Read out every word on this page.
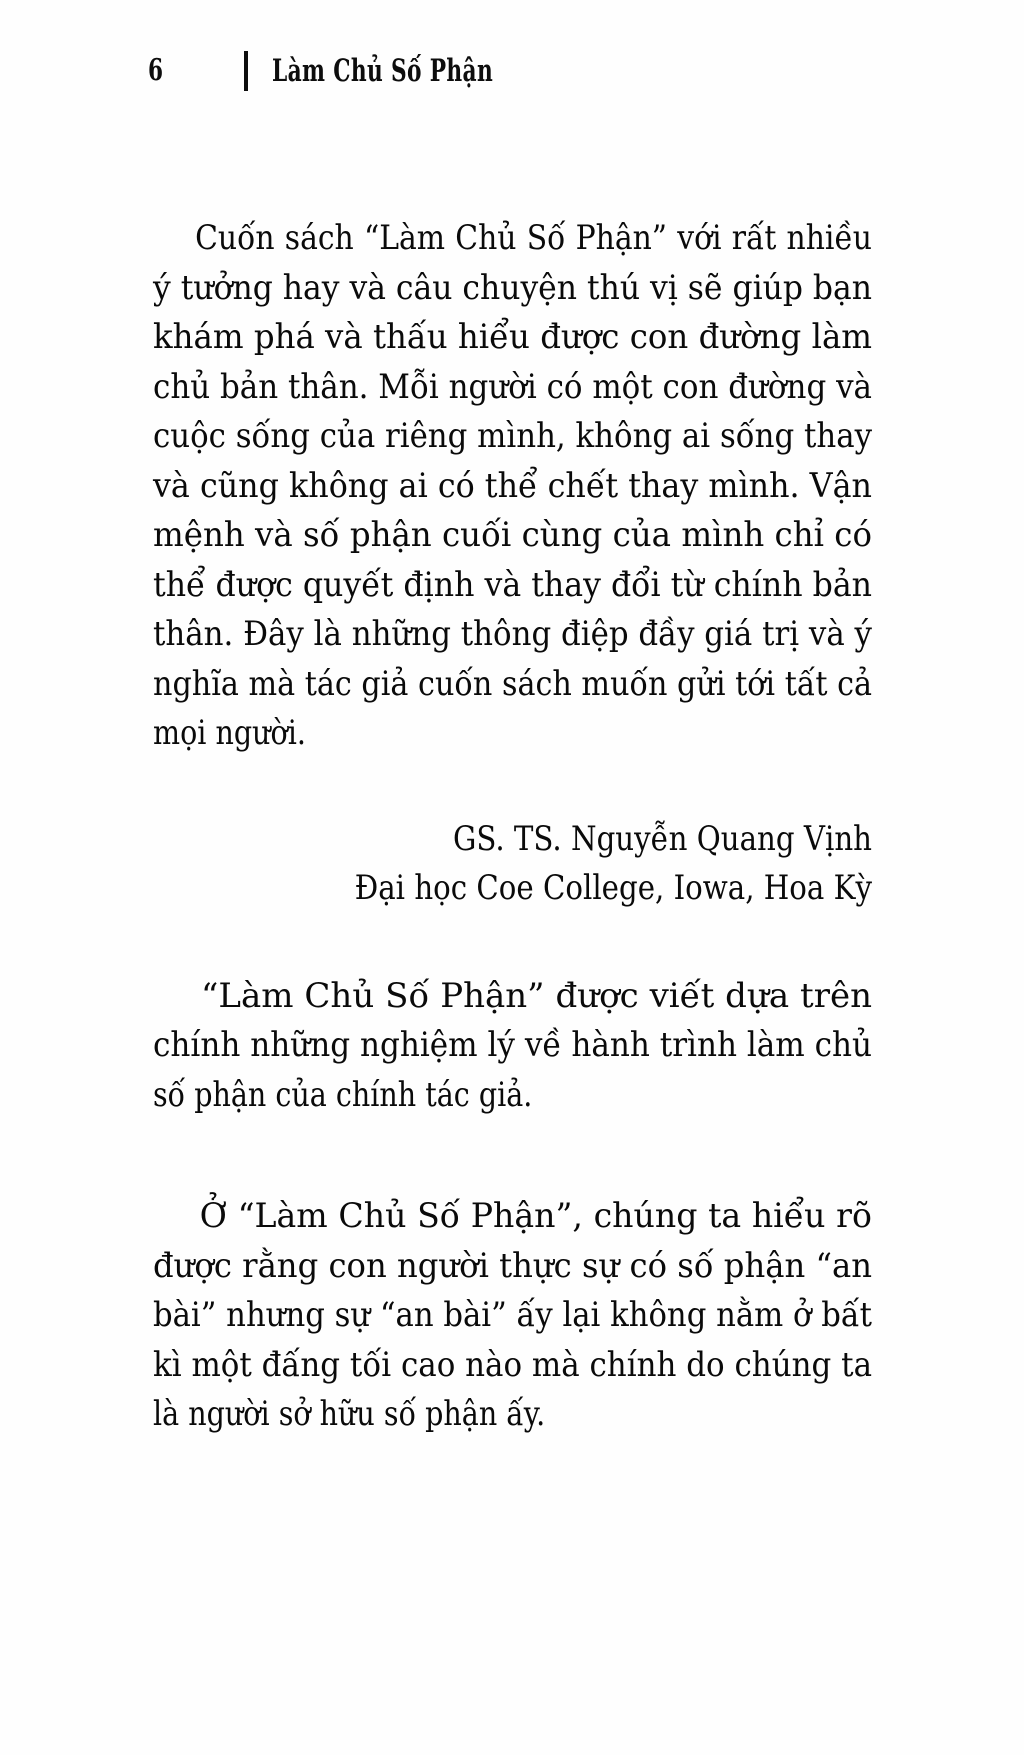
6	Làm Chủ Số Phận
Cuốn sách “Làm Chủ Số Phận” với rất nhiều
ý tưởng hay và câu chuyện thú vị sẽ giúp bạn
khám phá và thấu hiểu được con đường làm
chủ bản thân. Mỗi người có một con đường và
cuộc sống của riêng mình, không ai sống thay
và cũng không ai có thể chết thay mình. Vận
mệnh và số phận cuối cùng của mình chỉ có
thể được quyết định và thay đổi từ chính bản
thân. Đây là những thông điệp đầy giá trị và ý
nghĩa mà tác giả cuốn sách muốn gửi tới tất cả
mọi người.
GS. TS. Nguyễn Quang Vịnh
Đại học Coe College, Iowa, Hoa Kỳ
“Làm Chủ Số Phận” được viết dựa trên
chính những nghiệm lý về hành trình làm chủ
số phận của chính tác giả.
Ở “Làm Chủ Số Phận”, chúng ta hiểu rõ
được rằng con người thực sự có số phận “an
bài” nhưng sự “an bài” ấy lại không nằm ở bất
kì một đấng tối cao nào mà chính do chúng ta
là người sở hữu số phận ấy.
